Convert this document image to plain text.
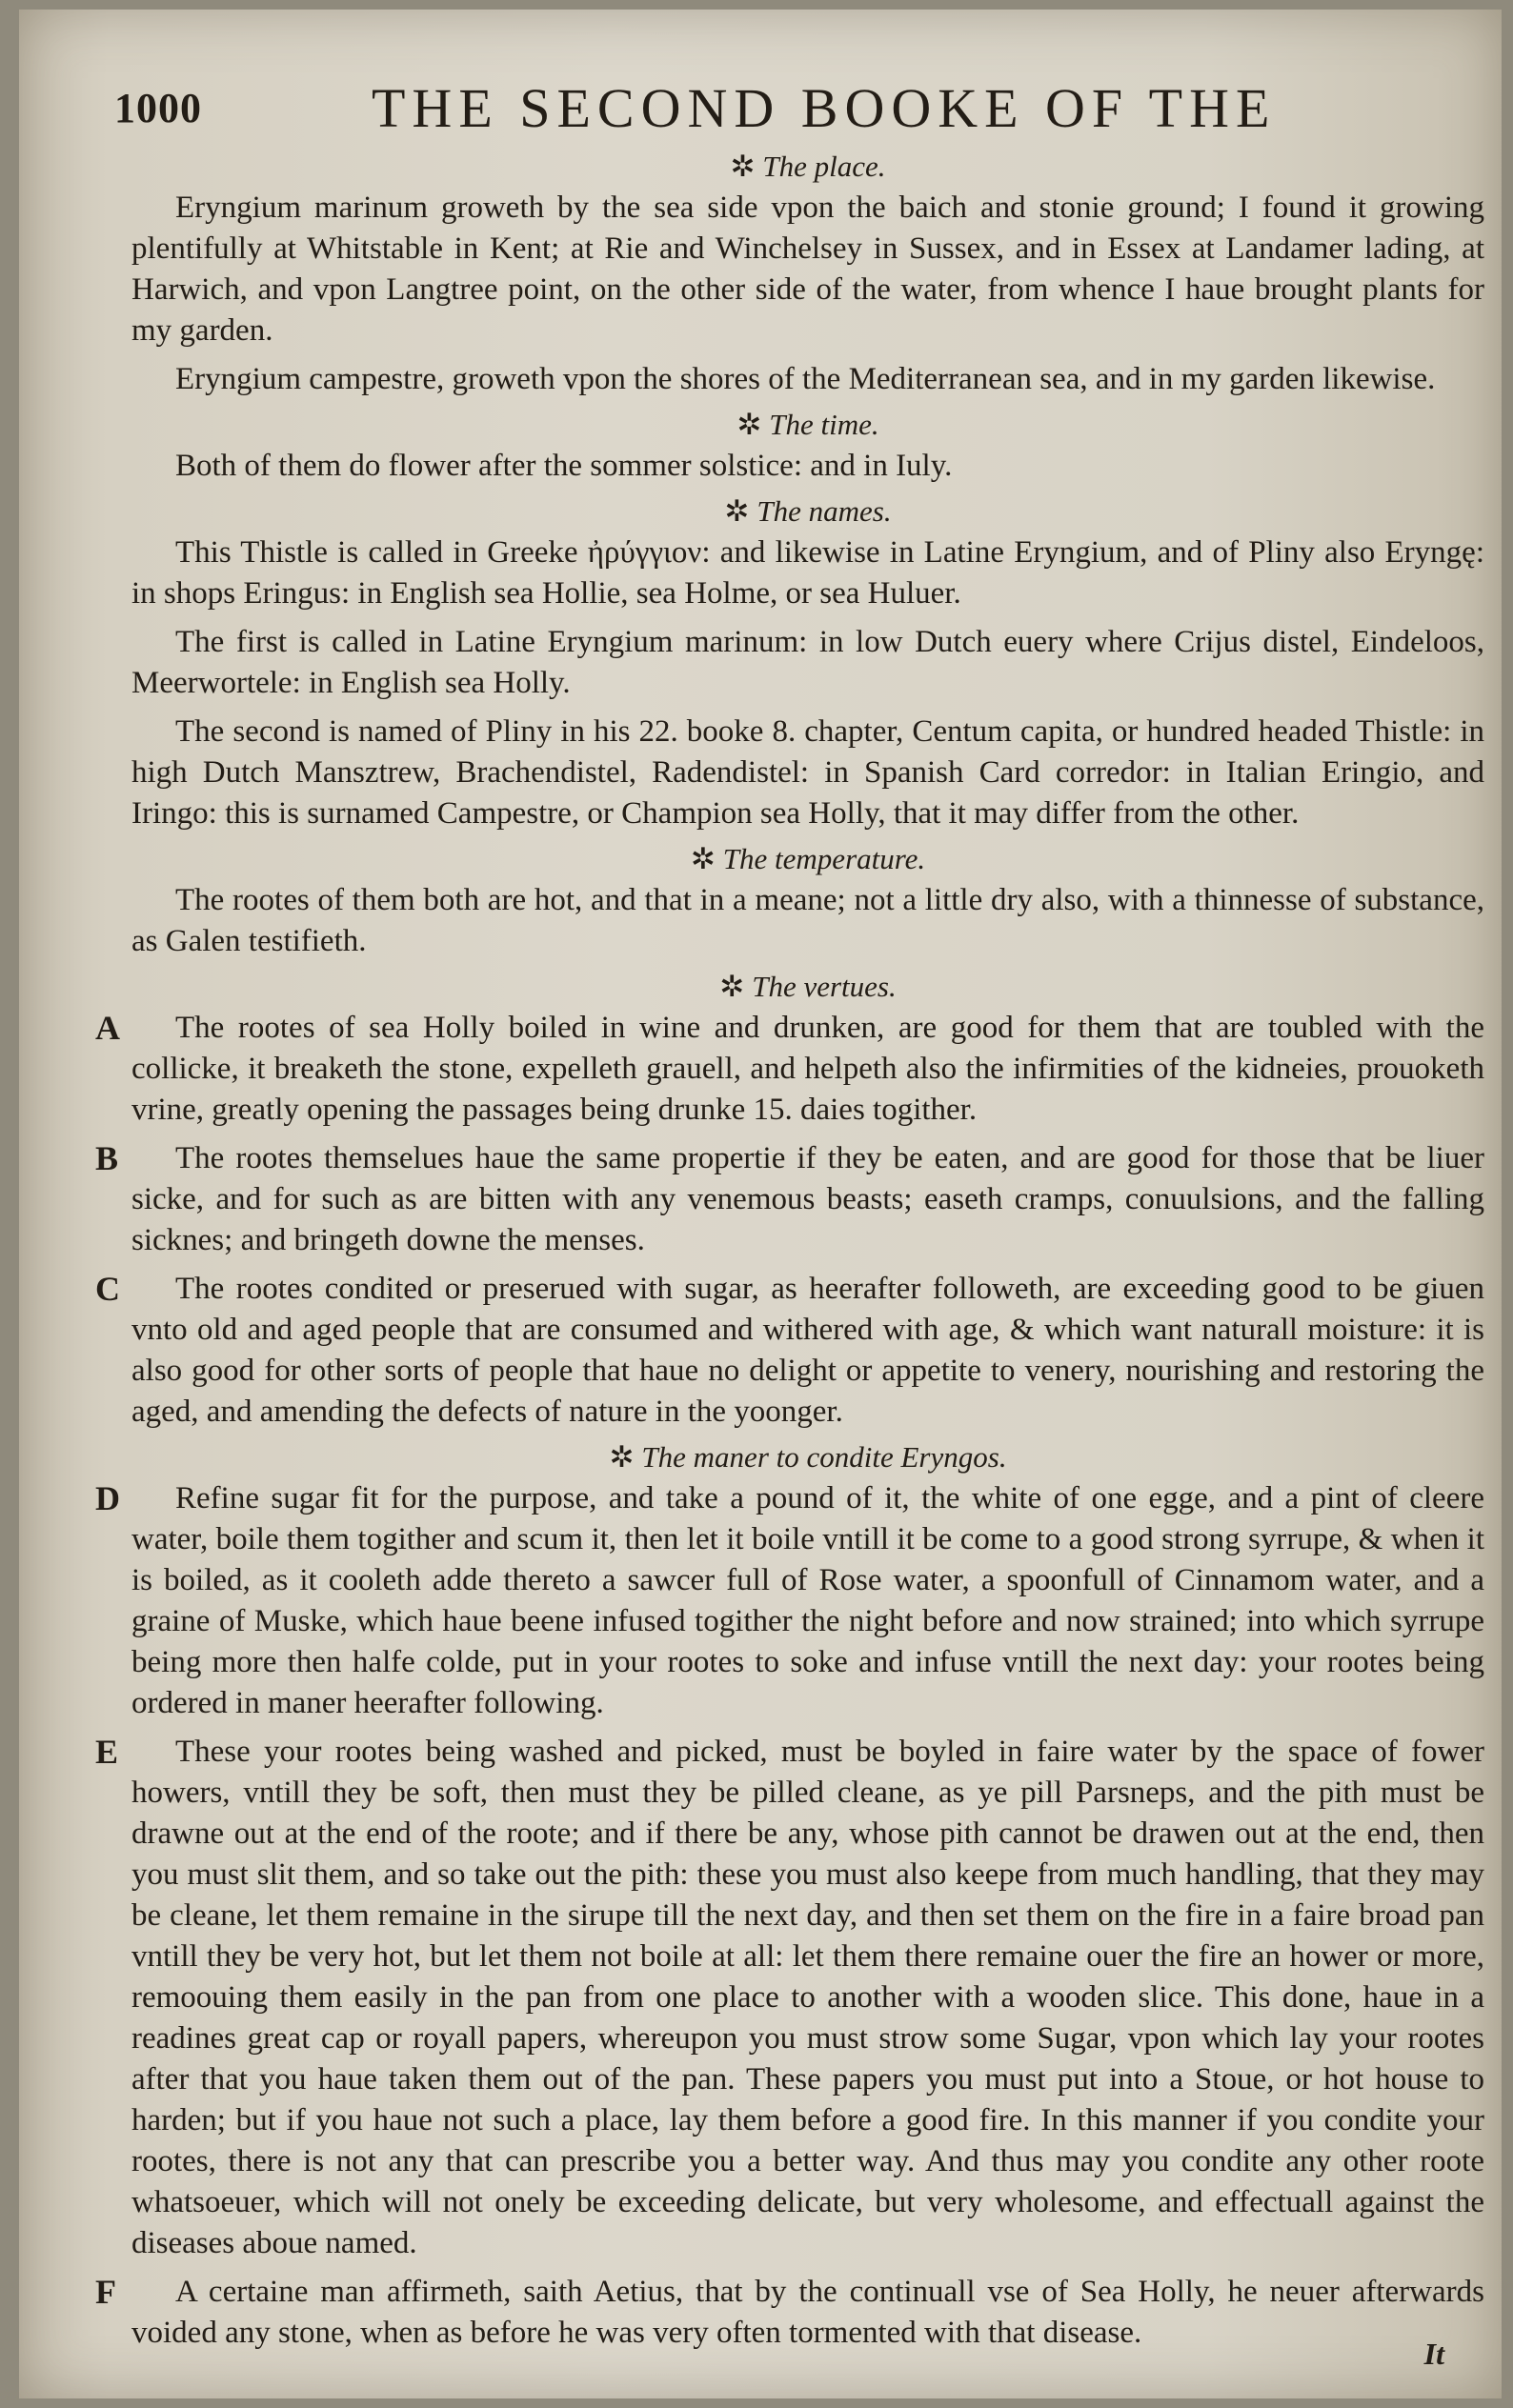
1000	THE SECOND BOOKE OF THE
✲ The place.

Eryngium marinum groweth by the sea side vpon the baich and stonie ground; I found it growing plentifully at Whitstable in Kent; at Rie and Winchelsey in Sussex, and in Essex at Landamer lading, at Harwich, and vpon Langtree point, on the other side of the water, from whence I haue brought plants for my garden.

Eryngium campestre, groweth vpon the shores of the Mediterranean sea, and in my garden likewise.

✲ The time.

Both of them do flower after the sommer solstice: and in Iuly.

✲ The names.

This Thistle is called in Greeke ἠρύγγιον: and likewise in Latine Eryngium, and of Pliny also Eryngę: in shops Eringus: in English sea Hollie, sea Holme, or sea Huluer.

The first is called in Latine Eryngium marinum: in low Dutch euery where Crijus distel, Eindeloos, Meerwortele: in English sea Holly.

The second is named of Pliny in his 22. booke 8. chapter, Centum capita, or hundred headed Thistle: in high Dutch Mansztrew, Brachendistel, Radendistel: in Spanish Card corredor: in Italian Eringio, and Iringo: this is surnamed Campestre, or Champion sea Holly, that it may differ from the other.

✲ The temperature.

The rootes of them both are hot, and that in a meane; not a little dry also, with a thinnesse of substance, as Galen testifieth.

✲ The vertues.
A	The rootes of sea Holly boiled in wine and drunken, are good for them that are toubled with the collicke, it breaketh the stone, expelleth grauell, and helpeth also the infirmities of the kidneies, prouoketh vrine, greatly opening the passages being drunke 15. daies togither.

B	The rootes themselues haue the same propertie if they be eaten, and are good for those that be liuer sicke, and for such as are bitten with any venemous beasts; easeth cramps, conuulsions, and the falling sicknes; and bringeth downe the menses.

C	The rootes condited or preserued with sugar, as heerafter followeth, are exceeding good to be giuen vnto old and aged people that are consumed and withered with age, & which want naturall moisture: it is also good for other sorts of people that haue no delight or appetite to venery, nourishing and restoring the aged, and amending the defects of nature in the yoonger.

✲ The maner to condite Eryngos.
D	Refine sugar fit for the purpose, and take a pound of it, the white of one egge, and a pint of cleere water, boile them togither and scum it, then let it boile vntill it be come to a good strong syrrupe, & when it is boiled, as it cooleth adde thereto a sawcer full of Rose water, a spoonfull of Cinnamom water, and a graine of Muske, which haue beene infused togither the night before and now strained; into which syrrupe being more then halfe colde, put in your rootes to soke and infuse vntill the next day: your rootes being ordered in maner heerafter following.

E	These your rootes being washed and picked, must be boyled in faire water by the space of fower howers, vntill they be soft, then must they be pilled cleane, as ye pill Parsneps, and the pith must be drawne out at the end of the roote; and if there be any, whose pith cannot be drawen out at the end, then you must slit them, and so take out the pith: these you must also keepe from much handling, that they may be cleane, let them remaine in the sirupe till the next day, and then set them on the fire in a faire broad pan vntill they be very hot, but let them not boile at all: let them there remaine ouer the fire an hower or more, remoouing them easily in the pan from one place to another with a wooden slice. This done, haue in a readines great cap or royall papers, whereupon you must strow some Sugar, vpon which lay your rootes after that you haue taken them out of the pan. These papers you must put into a Stoue, or hot house to harden; but if you haue not such a place, lay them before a good fire. In this manner if you condite your rootes, there is not any that can prescribe you a better way. And thus may you condite any other roote whatsoeuer, which will not onely be exceeding delicate, but very wholesome, and effectuall against the diseases aboue named.

F	A certaine man affirmeth, saith Aetius, that by the continuall vse of Sea Holly, he neuer afterwards voided any stone, when as before he was very often tormented with that disease.

It
